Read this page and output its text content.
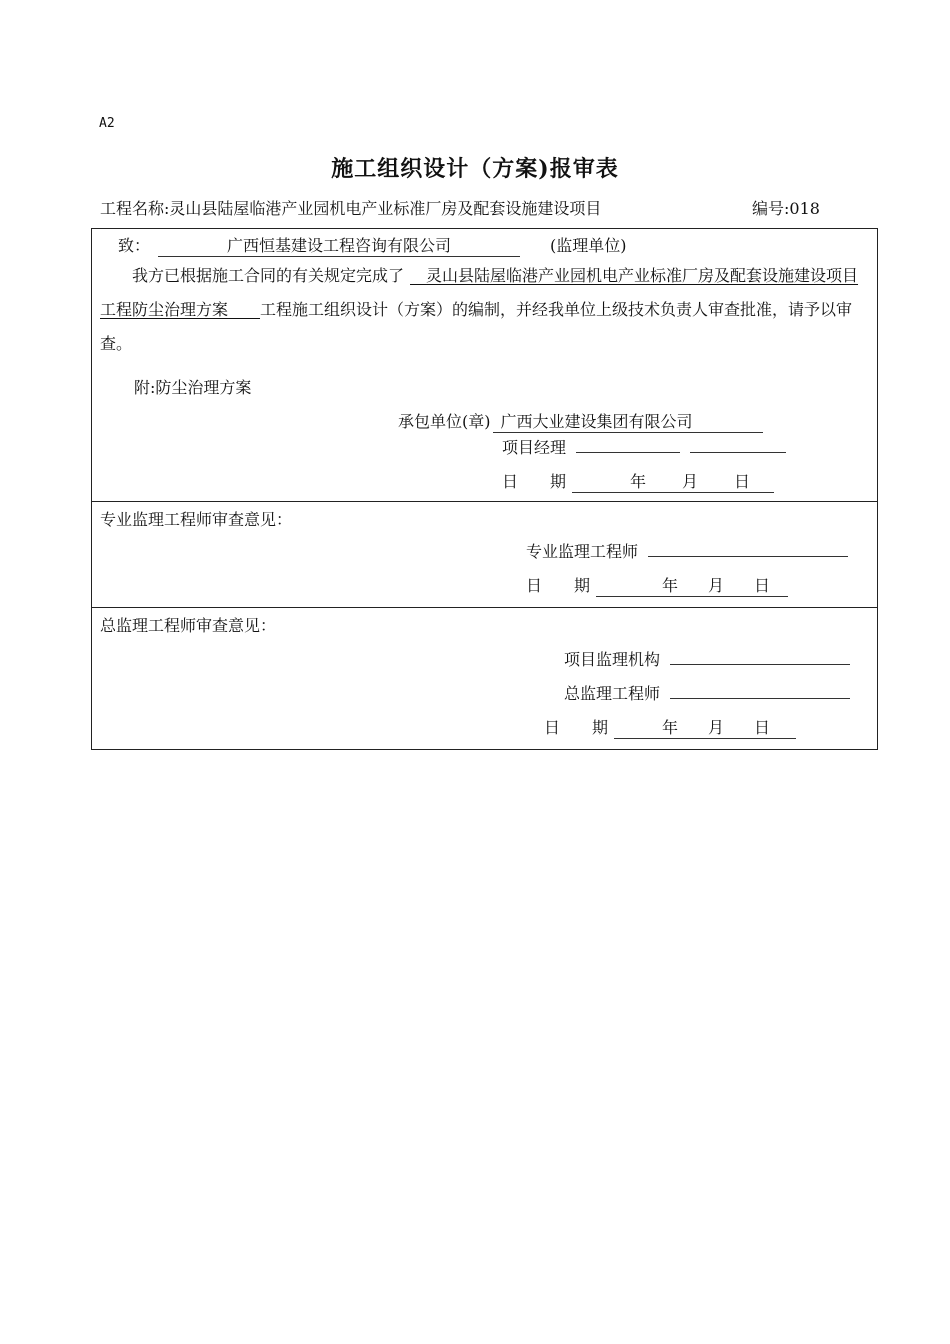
A2
施工组织设计（方案)报审表
工程名称:灵山县陆屋临港产业园机电产业标准厂房及配套设施建设项目	编号:018
致：	广西恒基建设工程咨询有限公司	(监理单位)
我方已根据施工合同的有关规定完成了  灵山县陆屋临港产业园机电产业标准厂房及配套设施建设项目工程防尘治理方案   工程施工组织设计（方案）的编制，并经我单位上级技术负责人审查批准，请予以审查。
附:防尘治理方案
承包单位(章)  广西大业建设集团有限公司
项目经理
日　　期	年 月 日
专业监理工程师审查意见：
专业监理工程师
日　　期	年 月 日
总监理工程师审查意见：
项目监理机构
总监理工程师
日　　期	年 月 日
